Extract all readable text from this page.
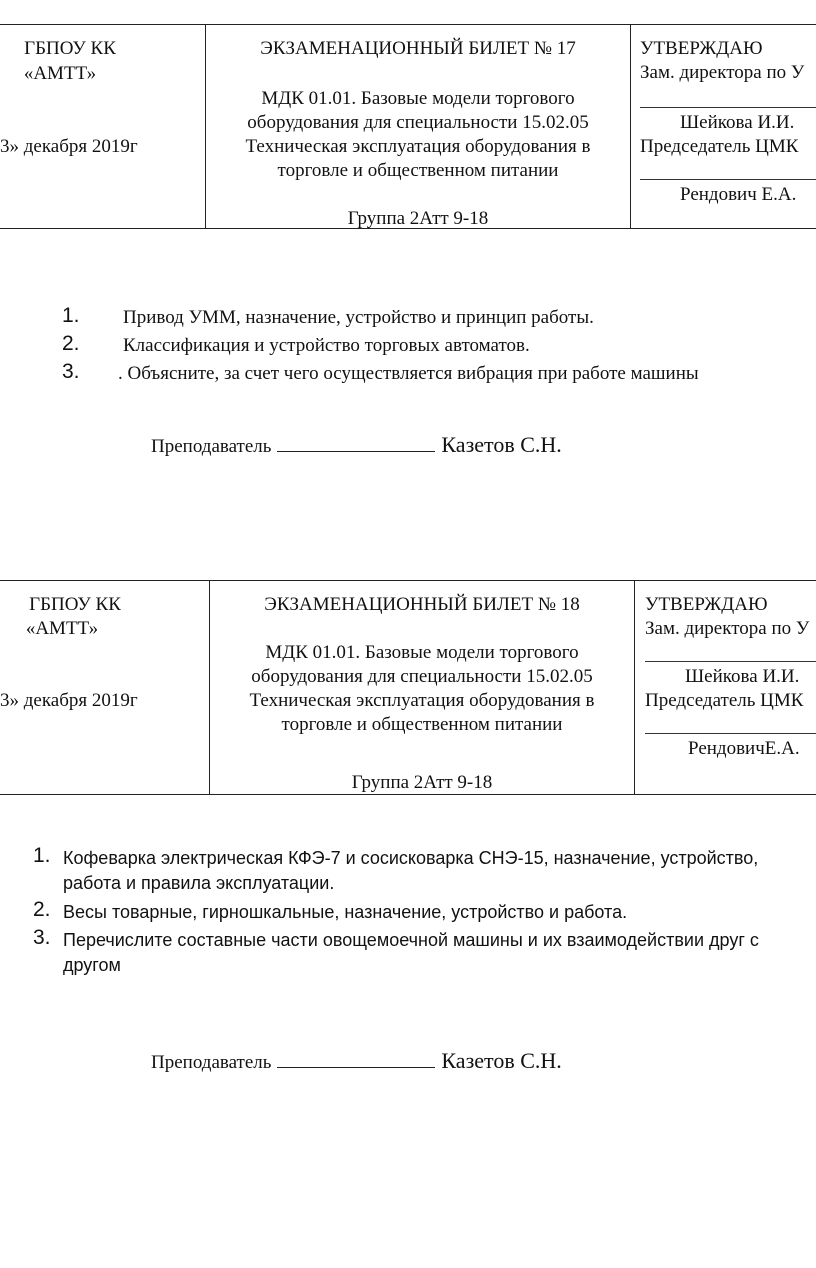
ГБПОУ КК
«АМТТ»
3» декабря 2019г
ЭКЗАМЕНАЦИОННЫЙ БИЛЕТ № 17
МДК 01.01. Базовые модели торгового
оборудования для специальности 15.02.05
Техническая эксплуатация оборудования в
торговле и общественном питании
Группа 2Атт 9-18
УТВЕРЖДАЮ
Зам. директора по У
Шейкова И.И.
Председатель ЦМК
Рендович Е.А.
1. Привод УММ, назначение, устройство и принцип работы.
2. Классификация и устройство торговых автоматов.
3. . Объясните, за счет чего осуществляется вибрация при работе машины
Преподаватель	Казетов С.Н.
ГБПОУ КК
«АМТТ»
3» декабря 2019г
ЭКЗАМЕНАЦИОННЫЙ БИЛЕТ № 18
МДК 01.01. Базовые модели торгового
оборудования для специальности 15.02.05
Техническая эксплуатация оборудования в
торговле и общественном питании
Группа 2Атт 9-18
УТВЕРЖДАЮ
Зам. директора по У
Шейкова И.И.
Председатель ЦМК
РендовичЕ.А.
1. Кофеварка электрическая КФЭ-7 и сосисковарка СНЭ-15, назначение, устройство,
работа и правила эксплуатации.
2. Весы товарные, гирношкальные, назначение, устройство и работа.
3. Перечислите составные части овощемоечной машины и их взаимодействии друг с
другом
Преподаватель	Казетов С.Н.
